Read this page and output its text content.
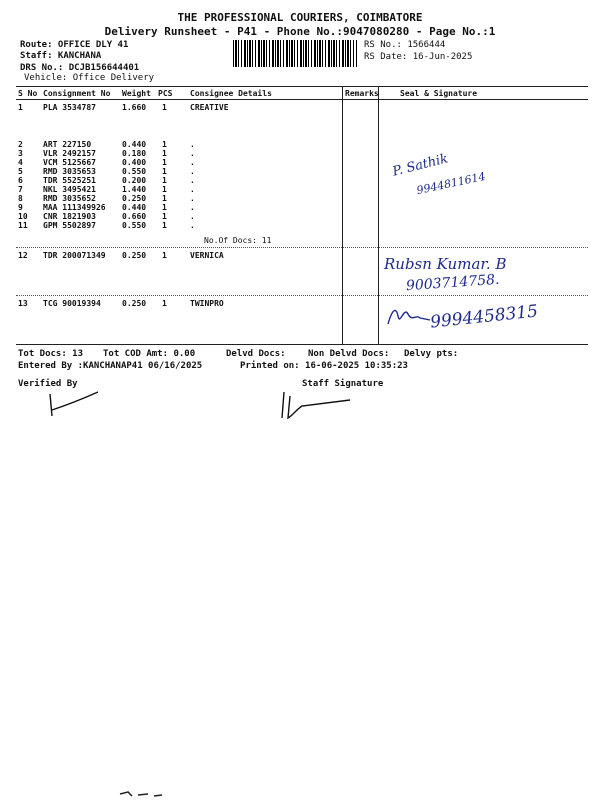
THE PROFESSIONAL COURIERS, COIMBATORE
Delivery Runsheet - P41 - Phone No.:9047080280 - Page No.:1
Route: OFFICE DLY 41
Staff: KANCHANA
DRS No.: DCJB156644401
Vehicle: Office Delivery
RS No.: 1566444
RS Date: 16-Jun-2025
S No Consignment No Weight PCS Consignee Details	Remarks	Seal & Signature
1	PLA 3534787	1.660 1	CREATIVE
2	ART 227150	0.440 1	.
3	VLR 2492157	0.180 1	.
4	VCM 5125667	0.400 1	.
5	RMD 3035653	0.550 1	.
6	TDR 5525251	0.200 1	.
7	NKL 3495421	1.440 1	.
8	RMD 3035652	0.250 1	.
9	MAA 111349926 0.440 1	.
10 CNR 1821903	0.660 1	.
11 GPM 5502897	0.550 1	.
No.Of Docs: 11
P. Sathik
9944811614
12 TDR 200071349 0.250 1	VERNICA	Rubsn Kumar. B
9003714758.
13 TCG 90019394	0.250 1	TWINPRO	9994458315
Tot Docs: 13 Tot COD Amt: 0.00	Delvd Docs: Non Delvd Docs: Delvy pts:
Entered By :KANCHANAP41 06/16/2025	Printed on: 16-06-2025 10:35:23
Verified By	Staff Signature
